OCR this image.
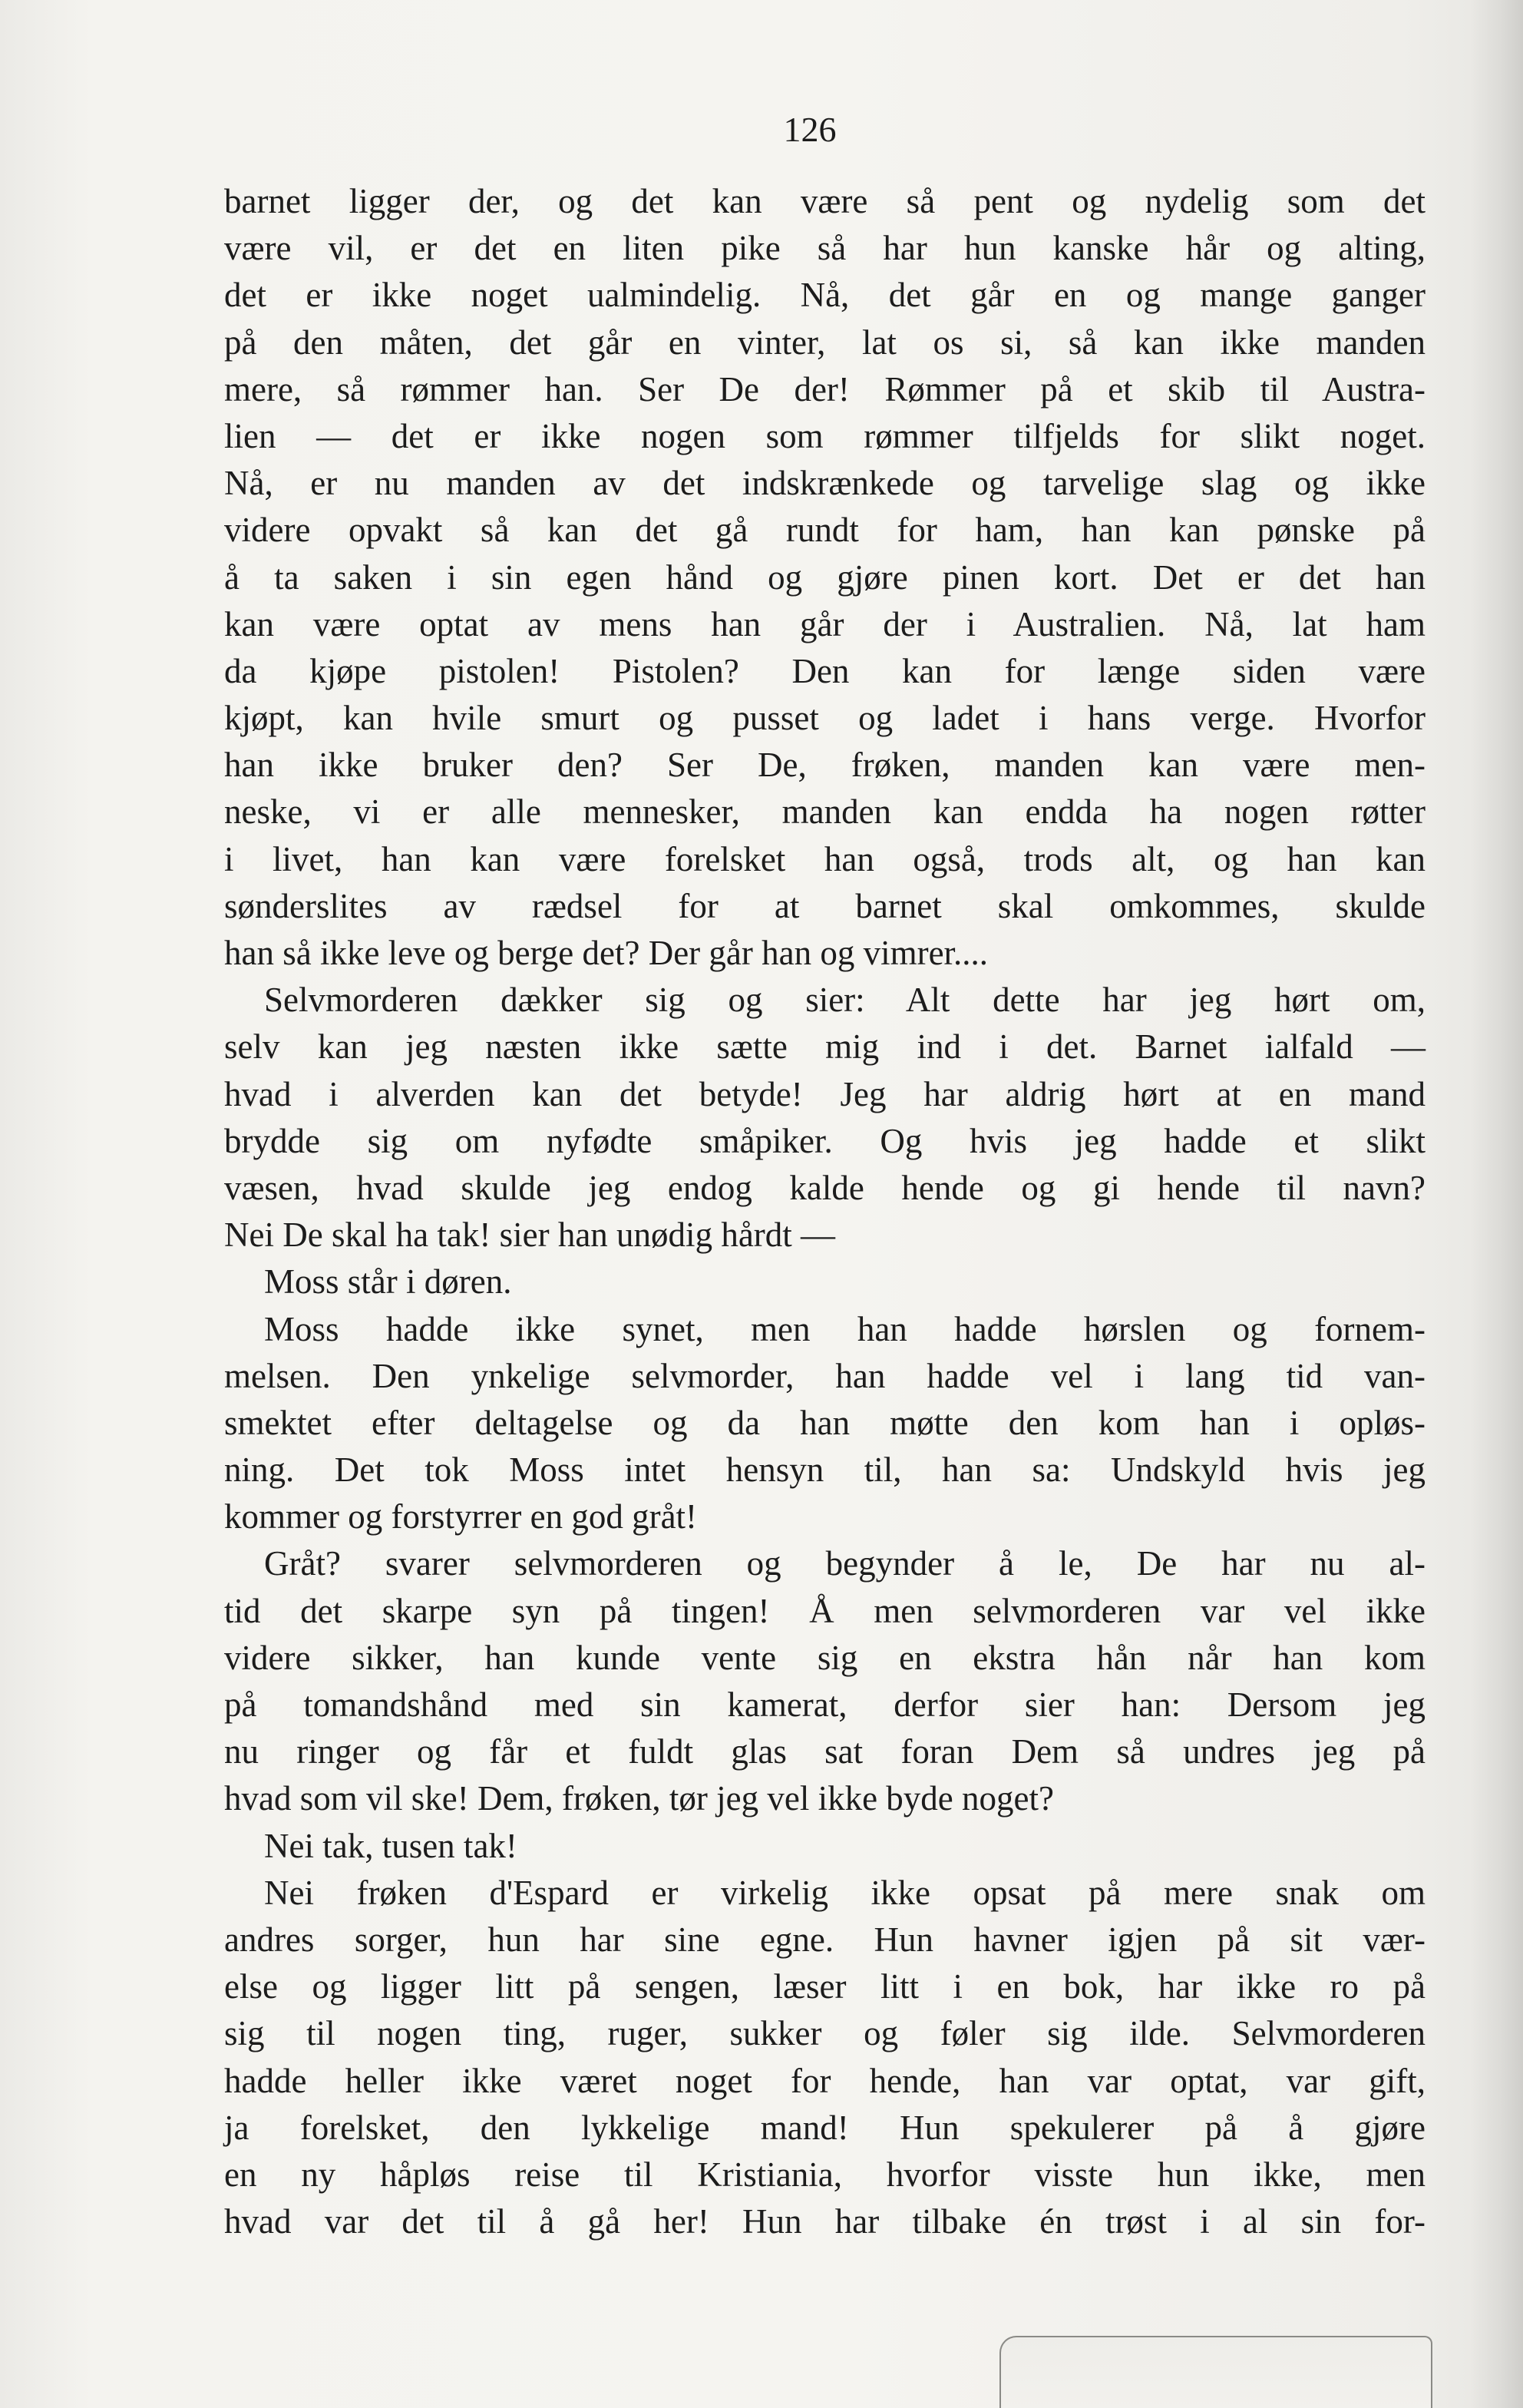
126
barnet ligger der, og det kan være så pent og nydelig som det
være vil, er det en liten pike så har hun kanske hår og alting,
det er ikke noget ualmindelig. Nå, det går en og mange ganger
på den måten, det går en vinter, lat os si, så kan ikke manden
mere, så rømmer han. Ser De der! Rømmer på et skib til Austra-
lien — det er ikke nogen som rømmer tilfjelds for slikt noget.
Nå, er nu manden av det indskrænkede og tarvelige slag og ikke
videre opvakt så kan det gå rundt for ham, han kan pønske på
å ta saken i sin egen hånd og gjøre pinen kort. Det er det han
kan være optat av mens han går der i Australien. Nå, lat ham
da kjøpe pistolen! Pistolen? Den kan for længe siden være
kjøpt, kan hvile smurt og pusset og ladet i hans verge. Hvorfor
han ikke bruker den? Ser De, frøken, manden kan være men-
neske, vi er alle mennesker, manden kan endda ha nogen røtter
i livet, han kan være forelsket han også, trods alt, og han kan
sønderslites av rædsel for at barnet skal omkommes, skulde
han så ikke leve og berge det? Der går han og vimrer....
Selvmorderen dækker sig og sier: Alt dette har jeg hørt om,
selv kan jeg næsten ikke sætte mig ind i det. Barnet ialfald —
hvad i alverden kan det betyde! Jeg har aldrig hørt at en mand
brydde sig om nyfødte småpiker. Og hvis jeg hadde et slikt
væsen, hvad skulde jeg endog kalde hende og gi hende til navn?
Nei De skal ha tak! sier han unødig hårdt —
Moss står i døren.
Moss hadde ikke synet, men han hadde hørslen og fornem-
melsen. Den ynkelige selvmorder, han hadde vel i lang tid van-
smektet efter deltagelse og da han møtte den kom han i opløs-
ning. Det tok Moss intet hensyn til, han sa: Undskyld hvis jeg
kommer og forstyrrer en god gråt!
Gråt? svarer selvmorderen og begynder å le, De har nu al-
tid det skarpe syn på tingen! Å men selvmorderen var vel ikke
videre sikker, han kunde vente sig en ekstra hån når han kom
på tomandshånd med sin kamerat, derfor sier han: Dersom jeg
nu ringer og får et fuldt glas sat foran Dem så undres jeg på
hvad som vil ske! Dem, frøken, tør jeg vel ikke byde noget?
Nei tak, tusen tak!
Nei frøken d'Espard er virkelig ikke opsat på mere snak om
andres sorger, hun har sine egne. Hun havner igjen på sit vær-
else og ligger litt på sengen, læser litt i en bok, har ikke ro på
sig til nogen ting, ruger, sukker og føler sig ilde. Selvmorderen
hadde heller ikke været noget for hende, han var optat, var gift,
ja forelsket, den lykkelige mand! Hun spekulerer på å gjøre
en ny håpløs reise til Kristiania, hvorfor visste hun ikke, men
hvad var det til å gå her! Hun har tilbake én trøst i al sin for-
